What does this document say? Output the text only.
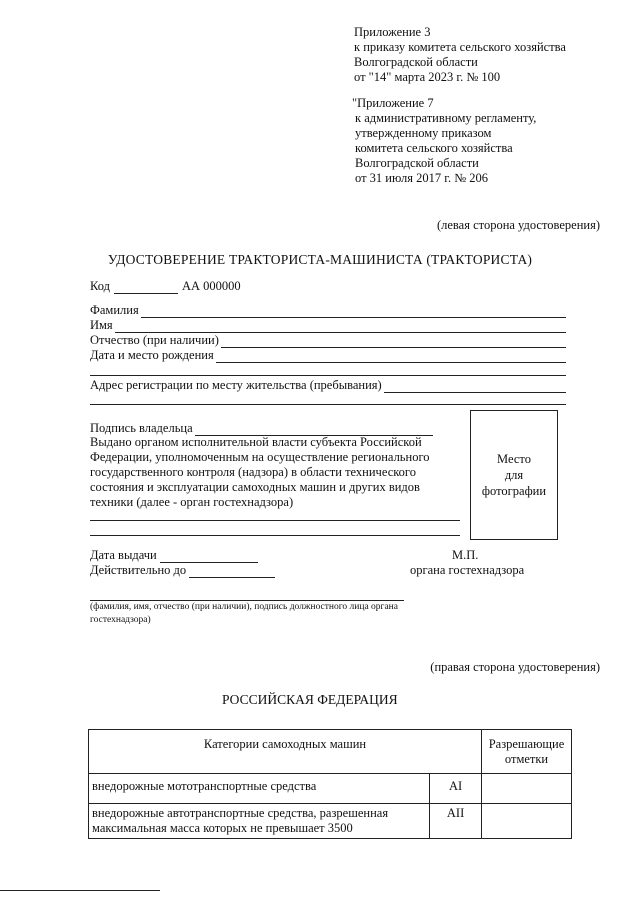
Приложение 3
к приказу комитета сельского хозяйства
Волгоградской области
от "14" марта 2023 г. № 100
"Приложение 7
к административному регламенту,
утвержденному приказом
комитета сельского хозяйства
Волгоградской области
от 31 июля 2017 г. № 206
(левая сторона удостоверения)
УДОСТОВЕРЕНИЕ ТРАКТОРИСТА-МАШИНИСТА (ТРАКТОРИСТА)
Код	АА 000000
Фамилия
Имя
Отчество (при наличии)
Дата и место рождения
Адрес регистрации по месту жительства (пребывания)
Подпись владельца
Выдано органом исполнительной власти субъекта Российской
Федерации, уполномоченным на осуществление регионального
государственного контроля (надзора) в области технического
состояния и эксплуатации самоходных машин и других видов
техники (далее - орган гостехнадзора)
Место
для
фотографии
Дата выдачи
Действительно до
М.П.
органа гостехнадзора
(фамилия, имя, отчество (при наличии), подпись должностного лица органа
гостехнадзора)
(правая сторона удостоверения)
РОССИЙСКАЯ ФЕДЕРАЦИЯ
Категории самоходных машин		Разрешающие
отметки

внедорожные мототранспортные средства	AI	

внедорожные автотранспортные средства, разрешенная
максимальная масса которых не превышает 3500	AII	
